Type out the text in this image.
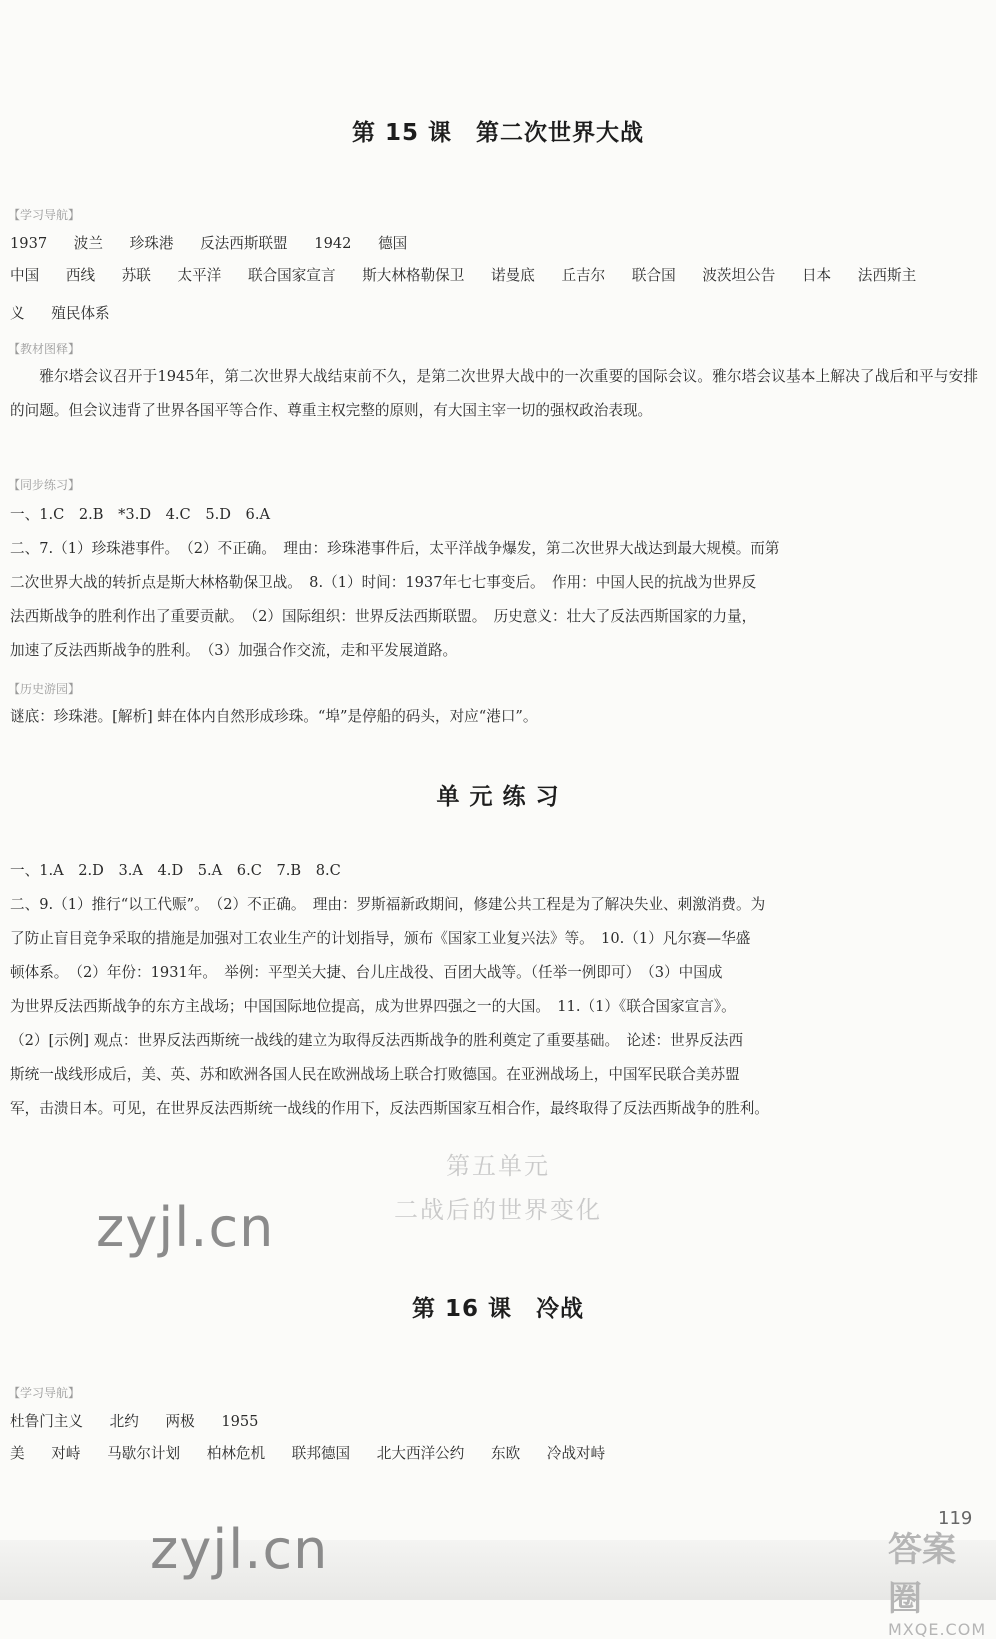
第 15 课　第二次世界大战
【学习导航】
1937 波兰 珍珠港 反法西斯联盟 1942 德国
中国 西线 苏联 太平洋 联合国家宣言 斯大林格勒保卫 诺曼底 丘吉尔 联合国 波茨坦公告 日本 法西斯主
义 殖民体系
【教材图释】
雅尔塔会议召开于1945年，第二次世界大战结束前不久，是第二次世界大战中的一次重要的国际会议。雅尔塔会议基本上解决了战后和平与安排的问题。但会议违背了世界各国平等合作、尊重主权完整的原则，有大国主宰一切的强权政治表现。
【同步练习】
一、1.C　2.B　*3.D　4.C　5.D　6.A
二、7.（1）珍珠港事件。　（2）不正确。　理由：珍珠港事件后，太平洋战争爆发，第二次世界大战达到最大规模。而第
二次世界大战的转折点是斯大林格勒保卫战。　8.（1）时间：1937年七七事变后。　作用：中国人民的抗战为世界反
法西斯战争的胜利作出了重要贡献。　（2）国际组织：世界反法西斯联盟。　历史意义：壮大了反法西斯国家的力量，
加速了反法西斯战争的胜利。　（3）加强合作交流，走和平发展道路。
【历史游园】
谜底：珍珠港。[解析] 蚌在体内自然形成珍珠。“埠”是停船的码头，对应“港口”。
单 元 练 习
一、1.A　2.D　3.A　4.D　5.A　6.C　7.B　8.C
二、9.（1）推行“以工代赈”。　（2）不正确。　理由：罗斯福新政期间，修建公共工程是为了解决失业、刺激消费。为
了防止盲目竞争采取的措施是加强对工农业生产的计划指导，颁布《国家工业复兴法》等。　10.（1）凡尔赛—华盛
顿体系。　（2）年份：1931年。　举例：平型关大捷、台儿庄战役、百团大战等。（任举一例即可）　（3）中国成
为世界反法西斯战争的东方主战场；中国国际地位提高，成为世界四强之一的大国。　11.（1）《联合国家宣言》。
（2）[示例] 观点：世界反法西斯统一战线的建立为取得反法西斯战争的胜利奠定了重要基础。　论述：世界反法西
斯统一战线形成后，美、英、苏和欧洲各国人民在欧洲战场上联合打败德国。在亚洲战场上，中国军民联合美苏盟
军，击溃日本。可见，在世界反法西斯统一战线的作用下，反法西斯国家互相合作，最终取得了反法西斯战争的胜利。
第五单元
二战后的世界变化
zyjl.cn
第 16 课　冷战
【学习导航】
杜鲁门主义 北约 两极 1955
美 对峙 马歇尔计划 柏林危机 联邦德国 北大西洋公约 东欧 冷战对峙
zyjl.cn	119
答案圈
MXQE.COM
